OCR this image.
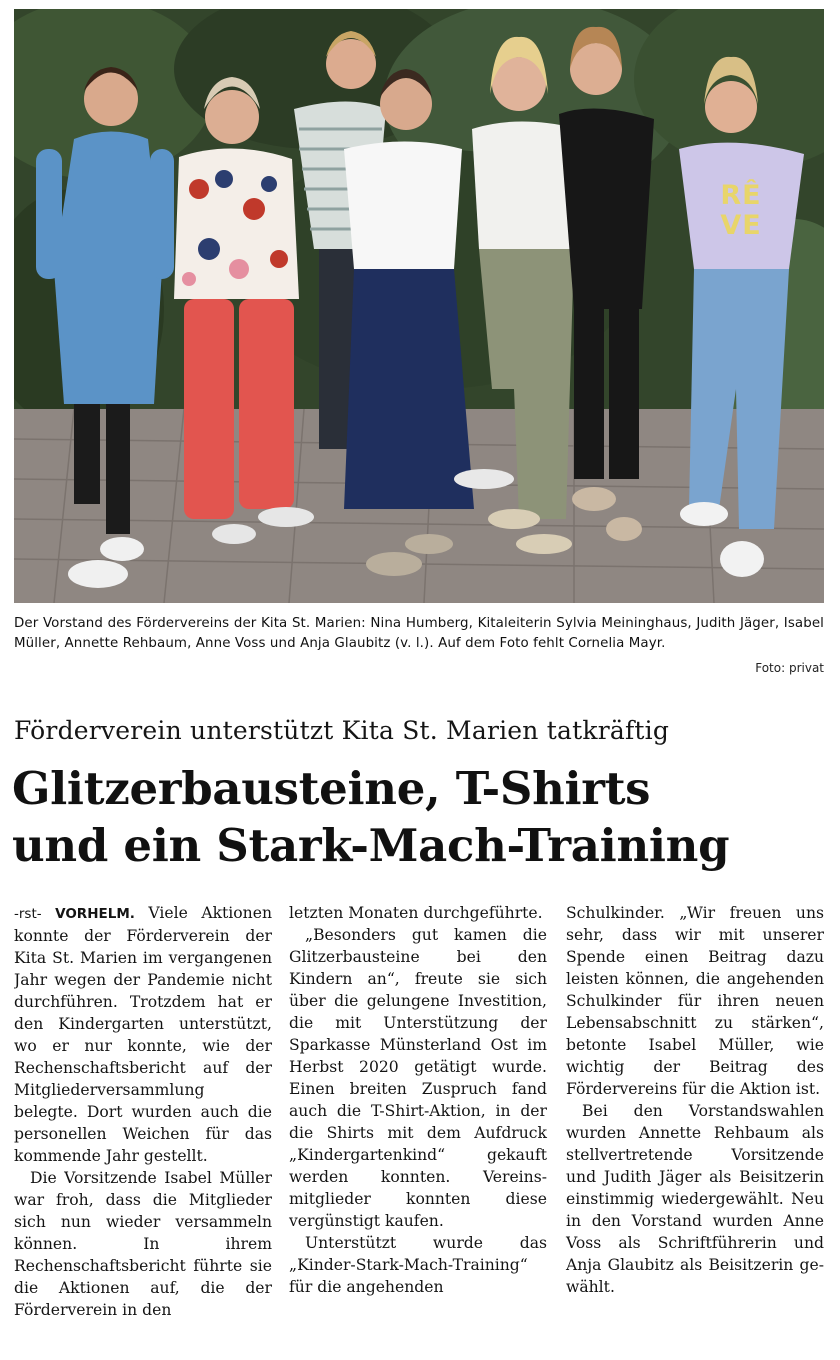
RÊ VE
Der Vorstand des Fördervereins der Kita St. Marien: Nina Humberg, Kitaleiterin Sylvia Meininghaus, Judith Jäger, Isabel Müller, Annette Rehbaum, Anne Voss und Anja Glaubitz (v. l.). Auf dem Foto fehlt Cornelia Mayr.
Foto: privat
Förderverein unterstützt Kita St. Marien tatkräftig
Glitzerbausteine, T-Shirts
und ein Stark-Mach-Training

-rst- VORHELM. Viele Aktionen konnte der Förderverein der Kita St. Marien im vergangenen Jahr wegen der Pandemie nicht durchführen. Trotzdem hat er den Kindergarten unterstützt, wo er nur konnte, wie der Rechenschaftsbericht auf der Mitgliederversammlung belegte. Dort wurden auch die personellen Weichen für das kommende Jahr gestellt.

Die Vorsitzende Isabel Müller war froh, dass die Mitglieder sich nun wieder versammeln können. In ihrem Rechenschaftsbericht führte sie die Aktionen auf, die der Förderverein in den

letzten Monaten durchgeführte.

„Besonders gut kamen die Glitzerbausteine bei den Kindern an“, freute sie sich über die gelungene Investition, die mit Unterstützung der Sparkasse Münsterland Ost im Herbst 2020 getätigt wurde. Einen breiten Zuspruch fand auch die T-Shirt-Aktion, in der die Shirts mit dem Aufdruck „Kindergartenkind“ gekauft werden konnten. Vereinsmitglieder konnten diese vergünstigt kaufen.

Unterstützt wurde das „Kinder-Stark-Mach-Training“ für die angehenden

Schulkinder. „Wir freuen uns sehr, dass wir mit unserer Spende einen Beitrag dazu leisten können, die angehenden Schulkinder für ihren neuen Lebensabschnitt zu stärken“, betonte Isabel Müller, wie wichtig der Beitrag des Fördervereins für die Aktion ist.

Bei den Vorstandswahlen wurden Annette Rehbaum als stellvertretende Vorsitzende und Judith Jäger als Beisitzerin einstimmig wiedergewählt. Neu in den Vorstand wurden Anne Voss als Schriftführerin und Anja Glaubitz als Beisitzerin gewählt.
